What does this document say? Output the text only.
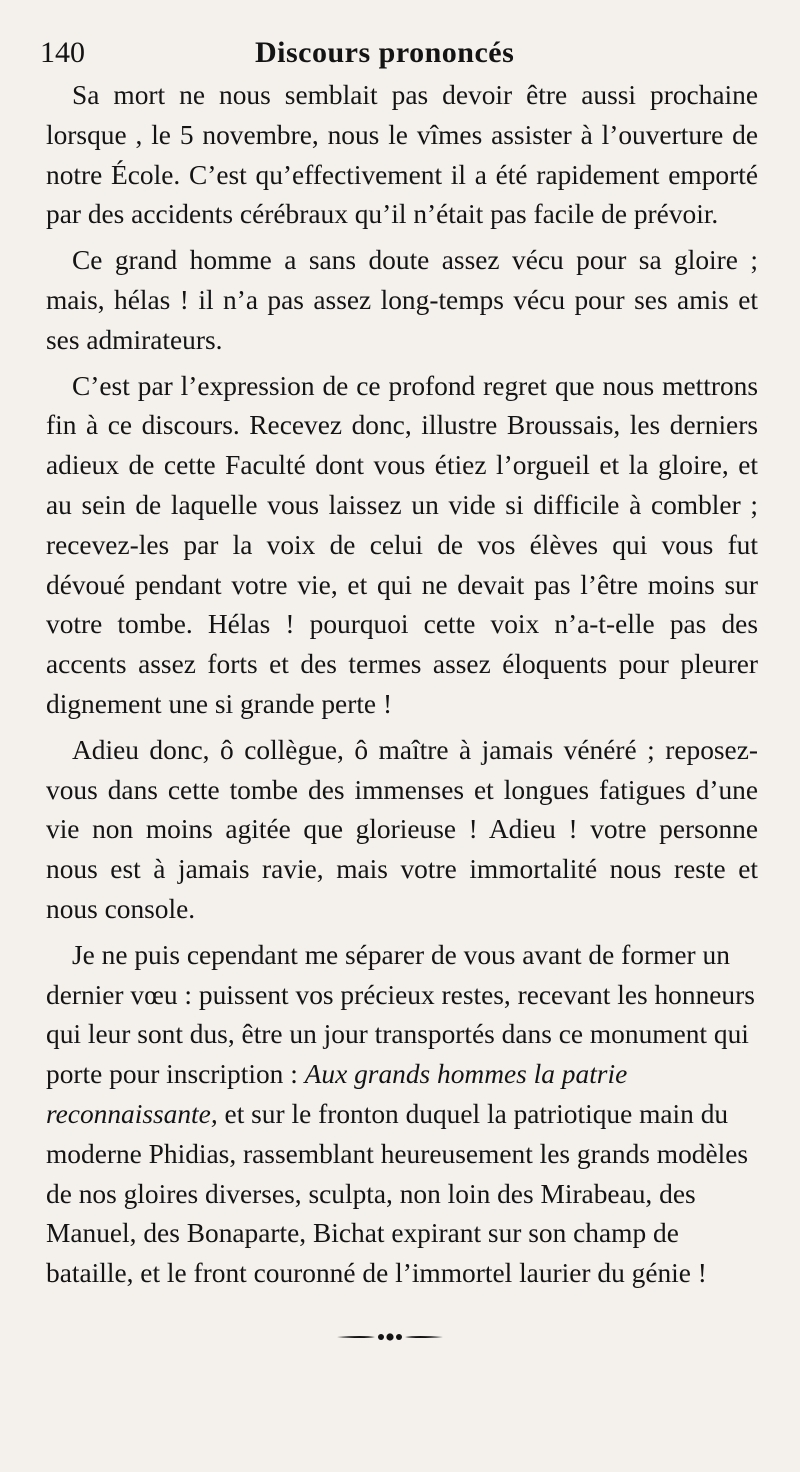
140	Discours prononcés

Sa mort ne nous semblait pas devoir être aussi prochaine lorsque , le 5 novembre, nous le vîmes assister à l’ouverture de notre École. C’est qu’effectivement il a été rapidement emporté par des accidents cérébraux qu’il n’était pas facile de prévoir.

Ce grand homme a sans doute assez vécu pour sa gloire ; mais, hélas ! il n’a pas assez long-temps vécu pour ses amis et ses admirateurs.

C’est par l’expression de ce profond regret que nous mettrons fin à ce discours. Recevez donc, illustre Broussais, les derniers adieux de cette Faculté dont vous étiez l’orgueil et la gloire, et au sein de laquelle vous laissez un vide si difficile à combler ; recevez-les par la voix de celui de vos élèves qui vous fut dévoué pendant votre vie, et qui ne devait pas l’être moins sur votre tombe. Hélas ! pourquoi cette voix n’a-t-elle pas des accents assez forts et des termes assez éloquents pour pleurer dignement une si grande perte !

Adieu donc, ô collègue, ô maître à jamais vénéré ; reposez-vous dans cette tombe des immenses et longues fatigues d’une vie non moins agitée que glorieuse ! Adieu ! votre personne nous est à jamais ravie, mais votre immortalité nous reste et nous console.

Je ne puis cependant me séparer de vous avant de former un dernier vœu : puissent vos précieux restes, recevant les honneurs qui leur sont dus, être un jour transportés dans ce monument qui porte pour inscription : Aux grands hommes la patrie reconnaissante, et sur le fronton duquel la patriotique main du moderne Phidias, rassemblant heureusement les grands modèles de nos gloires diverses, sculpta, non loin des Mirabeau, des Manuel, des Bonaparte, Bichat expirant sur son champ de bataille, et le front couronné de l’immortel laurier du génie !
